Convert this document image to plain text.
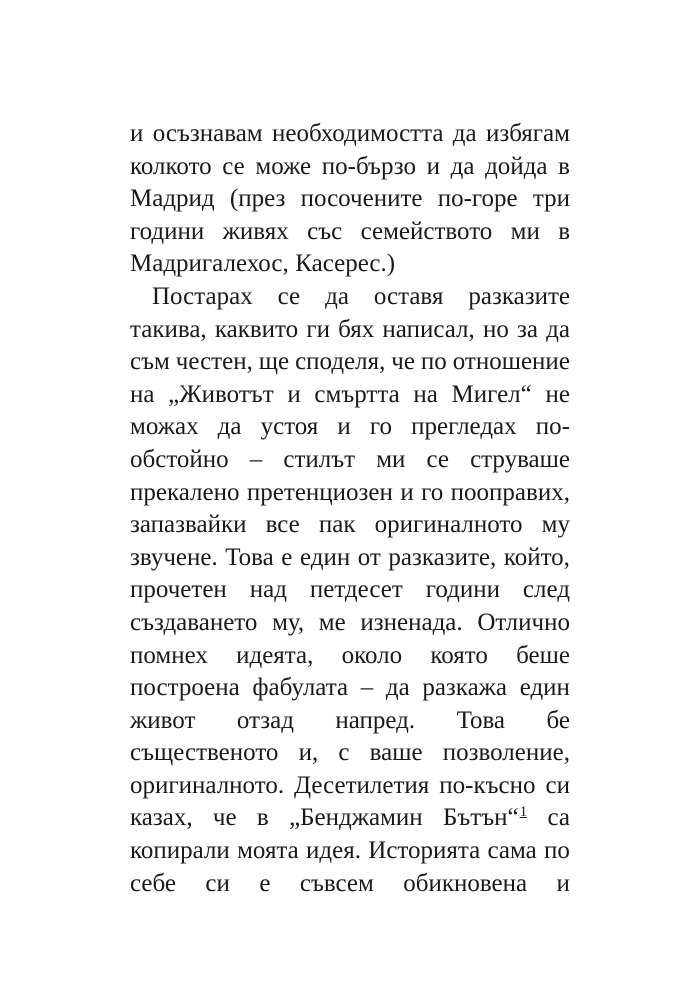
и осъзнавам необходимостта да избягам
колкото се може по-бързо и да дойда в
Мадрид (през посочените по-горе три
години живях със семейството ми в
Мадригалехос, Касерес.)
Постарах се да оставя разказите
такива, каквито ги бях написал, но за да
съм честен, ще споделя, че по отношение
на „Животът и смъртта на Мигел“ не
можах да устоя и го прегледах по-
обстойно – стилът ми се струваше
прекалено претенциозен и го пооправих,
запазвайки все пак оригиналното му
звучене. Това е един от разказите, който,
прочетен над петдесет години след
създаването му, ме изненада. Отлично
помнех идеята, около която беше
построена фабулата – да разкажа един
живот отзад напред. Това бе
същественото и, с ваше позволение,
оригиналното. Десетилетия по-късно си
казах, че в „Бенджамин Бътън“$^1$ са
копирали моята идея. Историята сама по
себе си е съвсем обикновена и
